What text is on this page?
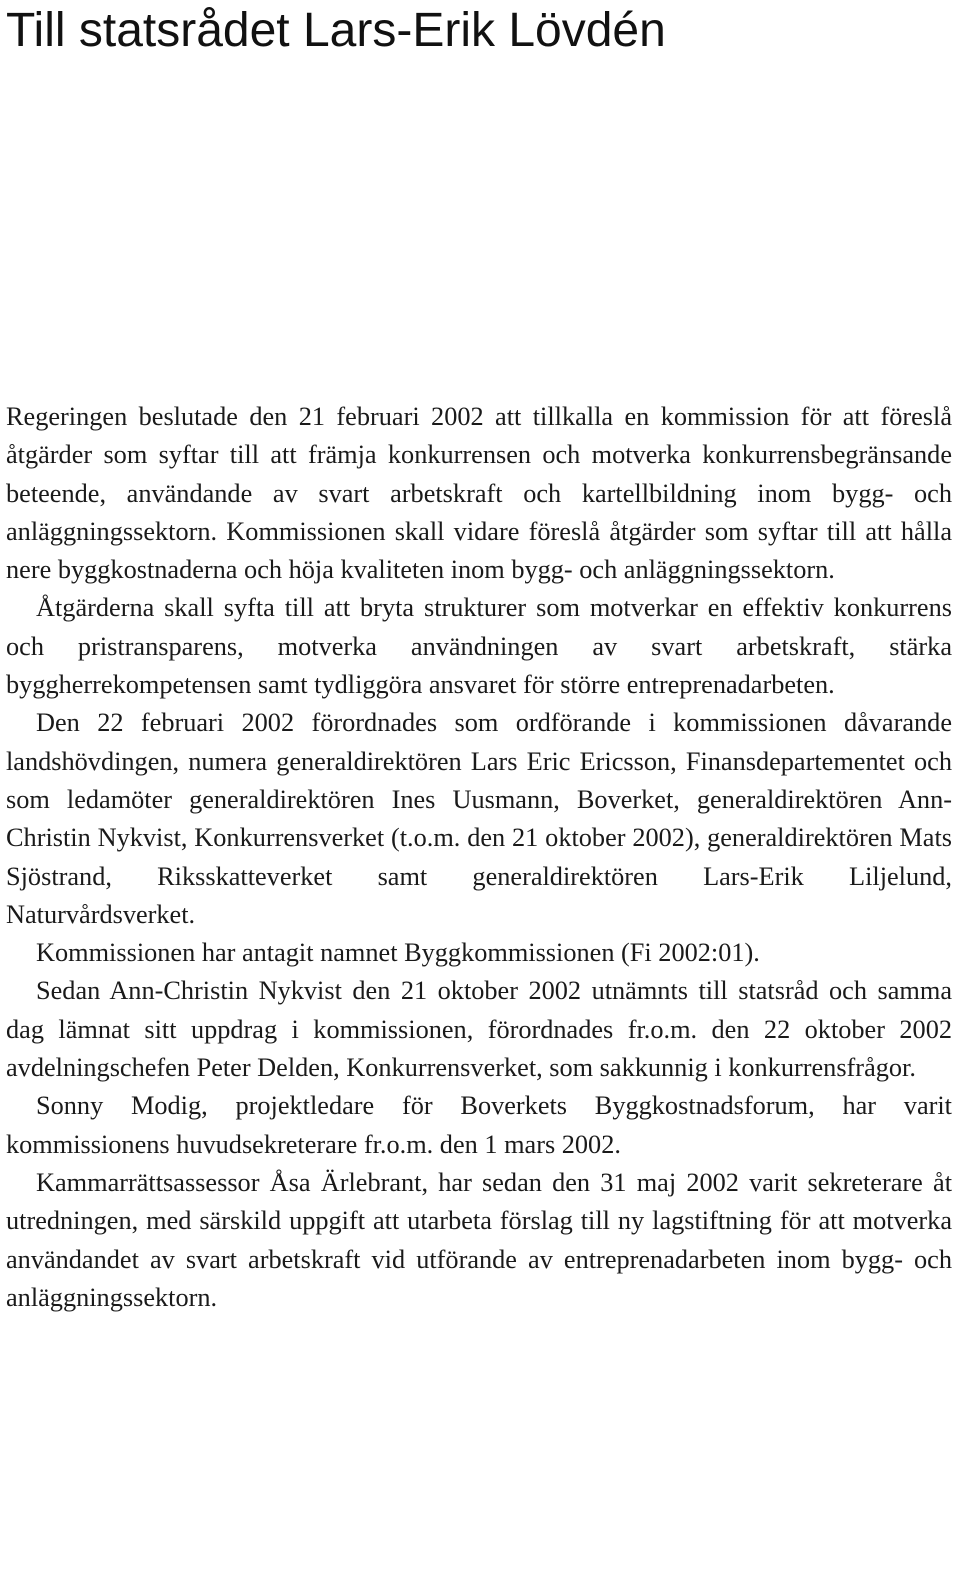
Till statsrådet Lars-Erik Lövdén

Regeringen beslutade den 21 februari 2002 att tillkalla en kommission för att föreslå åtgärder som syftar till att främja konkurrensen och motverka konkurrensbegränsande beteende, användande av svart arbetskraft och kartellbildning inom bygg- och anläggningssektorn. Kommissionen skall vidare föreslå åtgärder som syftar till att hålla nere byggkostnaderna och höja kvaliteten inom bygg- och anläggningssektorn.

Åtgärderna skall syfta till att bryta strukturer som motverkar en effektiv konkurrens och pristransparens, motverka användningen av svart arbetskraft, stärka byggherrekompetensen samt tydliggöra ansvaret för större entreprenadarbeten.

Den 22 februari 2002 förordnades som ordförande i kommissionen dåvarande landshövdingen, numera generaldirektören Lars Eric Ericsson, Finansdepartementet och som ledamöter generaldirektören Ines Uusmann, Boverket, generaldirektören Ann-Christin Nykvist, Konkurrensverket (t.o.m. den 21 oktober 2002), generaldirektören Mats Sjöstrand, Riksskatteverket samt generaldirektören Lars-Erik Liljelund, Naturvårdsverket.

Kommissionen har antagit namnet Byggkommissionen (Fi 2002:01).

Sedan Ann-Christin Nykvist den 21 oktober 2002 utnämnts till statsråd och samma dag lämnat sitt uppdrag i kommissionen, förordnades fr.o.m. den 22 oktober 2002 avdelningschefen Peter Delden, Konkurrensverket, som sakkunnig i konkurrensfrågor.

Sonny Modig, projektledare för Boverkets Byggkostnadsforum, har varit kommissionens huvudsekreterare fr.o.m. den 1 mars 2002.

Kammarrättsassessor Åsa Ärlebrant, har sedan den 31 maj 2002 varit sekreterare åt utredningen, med särskild uppgift att utarbeta förslag till ny lagstiftning för att motverka användandet av svart arbetskraft vid utförande av entreprenadarbeten inom bygg- och anläggningssektorn.
